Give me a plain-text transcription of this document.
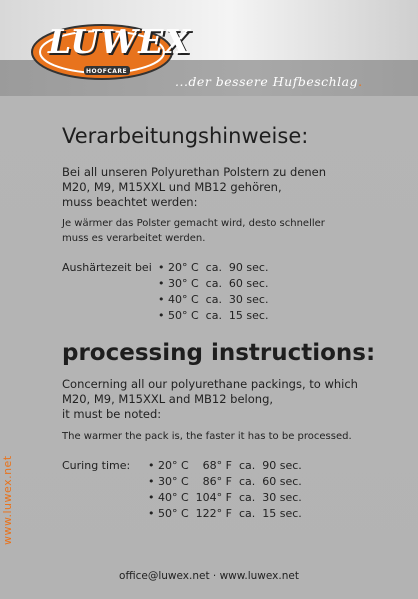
LUWEX
HOOFCARE
...der bessere Hufbeschlag.
www.luwex.net
Verarbeitungshinweise:
Bei all unseren Polyurethan Polstern zu denen
M20, M9, M15XXL und MB12 gehören,
muss beachtet werden:
Je wärmer das Polster gemacht wird, desto schneller
muss es verarbeitet werden.
Aushärtezeit bei • 20° C  ca.  90 sec.
• 30° C  ca.  60 sec.
• 40° C  ca.  30 sec.
• 50° C  ca.  15 sec.
processing instructions:
Concerning all our polyurethane packings, to which
M20, M9, M15XXL and MB12 belong,
it must be noted:
The warmer the pack is, the faster it has to be processed.
Curing time: • 20° C    68° F  ca.  90 sec.
• 30° C    86° F  ca.  60 sec.
• 40° C  104° F  ca.  30 sec.
• 50° C  122° F  ca.  15 sec.
office@luwex.net · www.luwex.net
